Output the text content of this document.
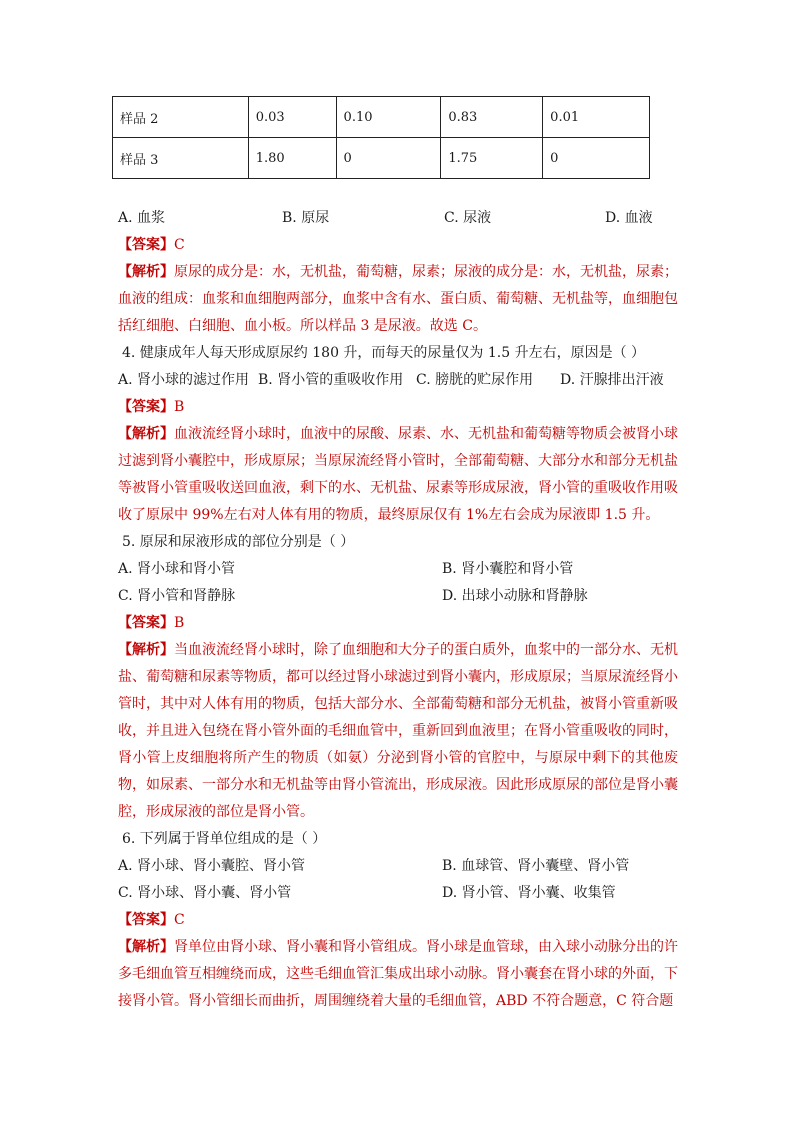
样品 2	0.03	0.10	0.83	0.01
样品 3	1.80	0	1.75	0
A. 血浆	B. 原尿	C. 尿液	D. 血液
【答案】C
【解析】原尿的成分是：水，无机盐，葡萄糖，尿素；尿液的成分是：水，无机盐，尿素；血液的组成：血浆和血细胞两部分，血浆中含有水、蛋白质、葡萄糖、无机盐等，血细胞包括红细胞、白细胞、血小板。所以样品 3 是尿液。故选 C。
4. 健康成年人每天形成原尿约 180 升，而每天的尿量仅为 1.5 升左右，原因是（ ）
A. 肾小球的滤过作用 B. 肾小管的重吸收作用 C. 膀胱的贮尿作用 D. 汗腺排出汗液
【答案】B
【解析】血液流经肾小球时，血液中的尿酸、尿素、水、无机盐和葡萄糖等物质会被肾小球过滤到肾小囊腔中，形成原尿；当原尿流经肾小管时，全部葡萄糖、大部分水和部分无机盐等被肾小管重吸收送回血液，剩下的水、无机盐、尿素等形成尿液，肾小管的重吸收作用吸收了原尿中 99%左右对人体有用的物质，最终原尿仅有 1%左右会成为尿液即 1.5 升。
5. 原尿和尿液形成的部位分别是（ ）
A. 肾小球和肾小管	B. 肾小囊腔和肾小管
C. 肾小管和肾静脉	D. 出球小动脉和肾静脉
【答案】B
【解析】当血液流经肾小球时，除了血细胞和大分子的蛋白质外，血浆中的一部分水、无机盐、葡萄糖和尿素等物质，都可以经过肾小球滤过到肾小囊内，形成原尿；当原尿流经肾小管时，其中对人体有用的物质，包括大部分水、全部葡萄糖和部分无机盐，被肾小管重新吸收，并且进入包绕在肾小管外面的毛细血管中，重新回到血液里；在肾小管重吸收的同时，肾小管上皮细胞将所产生的物质（如氨）分泌到肾小管的官腔中，与原尿中剩下的其他废物，如尿素、一部分水和无机盐等由肾小管流出，形成尿液。因此形成原尿的部位是肾小囊腔，形成尿液的部位是肾小管。
6. 下列属于肾单位组成的是（ ）
A. 肾小球、肾小囊腔、肾小管	B. 血球管、肾小囊壁、肾小管
C. 肾小球、肾小囊、肾小管	D. 肾小管、肾小囊、收集管
【答案】C
【解析】肾单位由肾小球、肾小囊和肾小管组成。肾小球是血管球，由入球小动脉分出的许多毛细血管互相缠绕而成，这些毛细血管汇集成出球小动脉。肾小囊套在肾小球的外面，下接肾小管。肾小管细长而曲折，周围缠绕着大量的毛细血管，ABD 不符合题意，C 符合题
